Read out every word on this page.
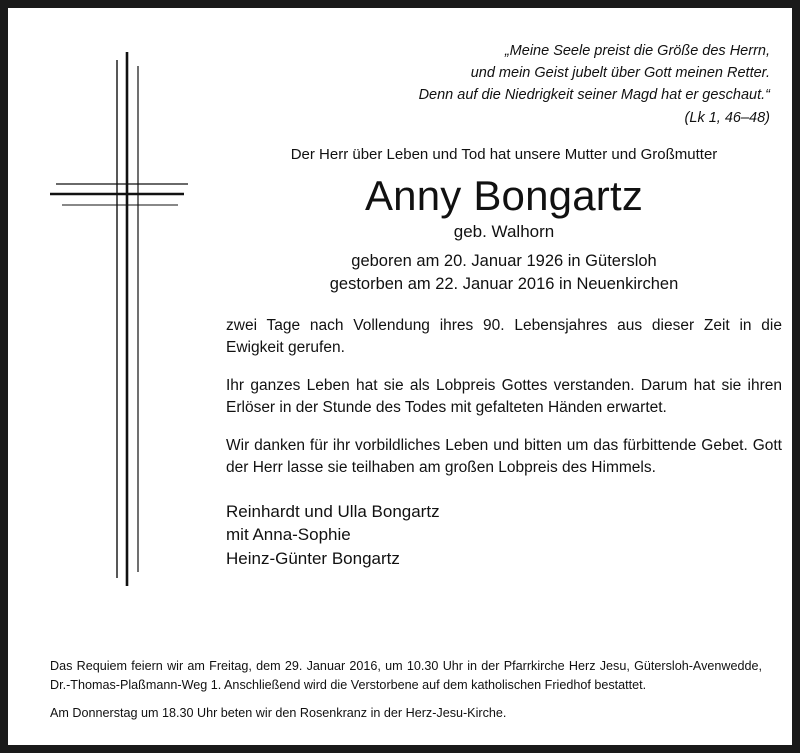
„Meine Seele preist die Größe des Herrn,
und mein Geist jubelt über Gott meinen Retter.
Denn auf die Niedrigkeit seiner Magd hat er geschaut.“
(Lk 1, 46–48)

Der Herr über Leben und Tod hat unsere Mutter und Großmutter

Anny Bongartz
geb. Walhorn
geboren am 20. Januar 1926 in Gütersloh
gestorben am 22. Januar 2016 in Neuenkirchen

zwei Tage nach Vollendung ihres 90. Lebensjahres aus dieser Zeit in die Ewigkeit gerufen.

Ihr ganzes Leben hat sie als Lobpreis Gottes verstanden. Darum hat sie ihren Erlöser in der Stunde des Todes mit gefalteten Händen erwartet.

Wir danken für ihr vorbildliches Leben und bitten um das fürbittende Gebet. Gott der Herr lasse sie teilhaben am großen Lobpreis des Himmels.

Reinhardt und Ulla Bongartz
mit Anna-Sophie
Heinz-Günter Bongartz

Das Requiem feiern wir am Freitag, dem 29. Januar 2016, um 10.30 Uhr in der Pfarrkirche Herz Jesu, Gütersloh-Avenwedde, Dr.-Thomas-Plaßmann-Weg 1. Anschließend wird die Verstorbene auf dem katholischen Friedhof bestattet.

Am Donnerstag um 18.30 Uhr beten wir den Rosenkranz in der Herz-Jesu-Kirche.
